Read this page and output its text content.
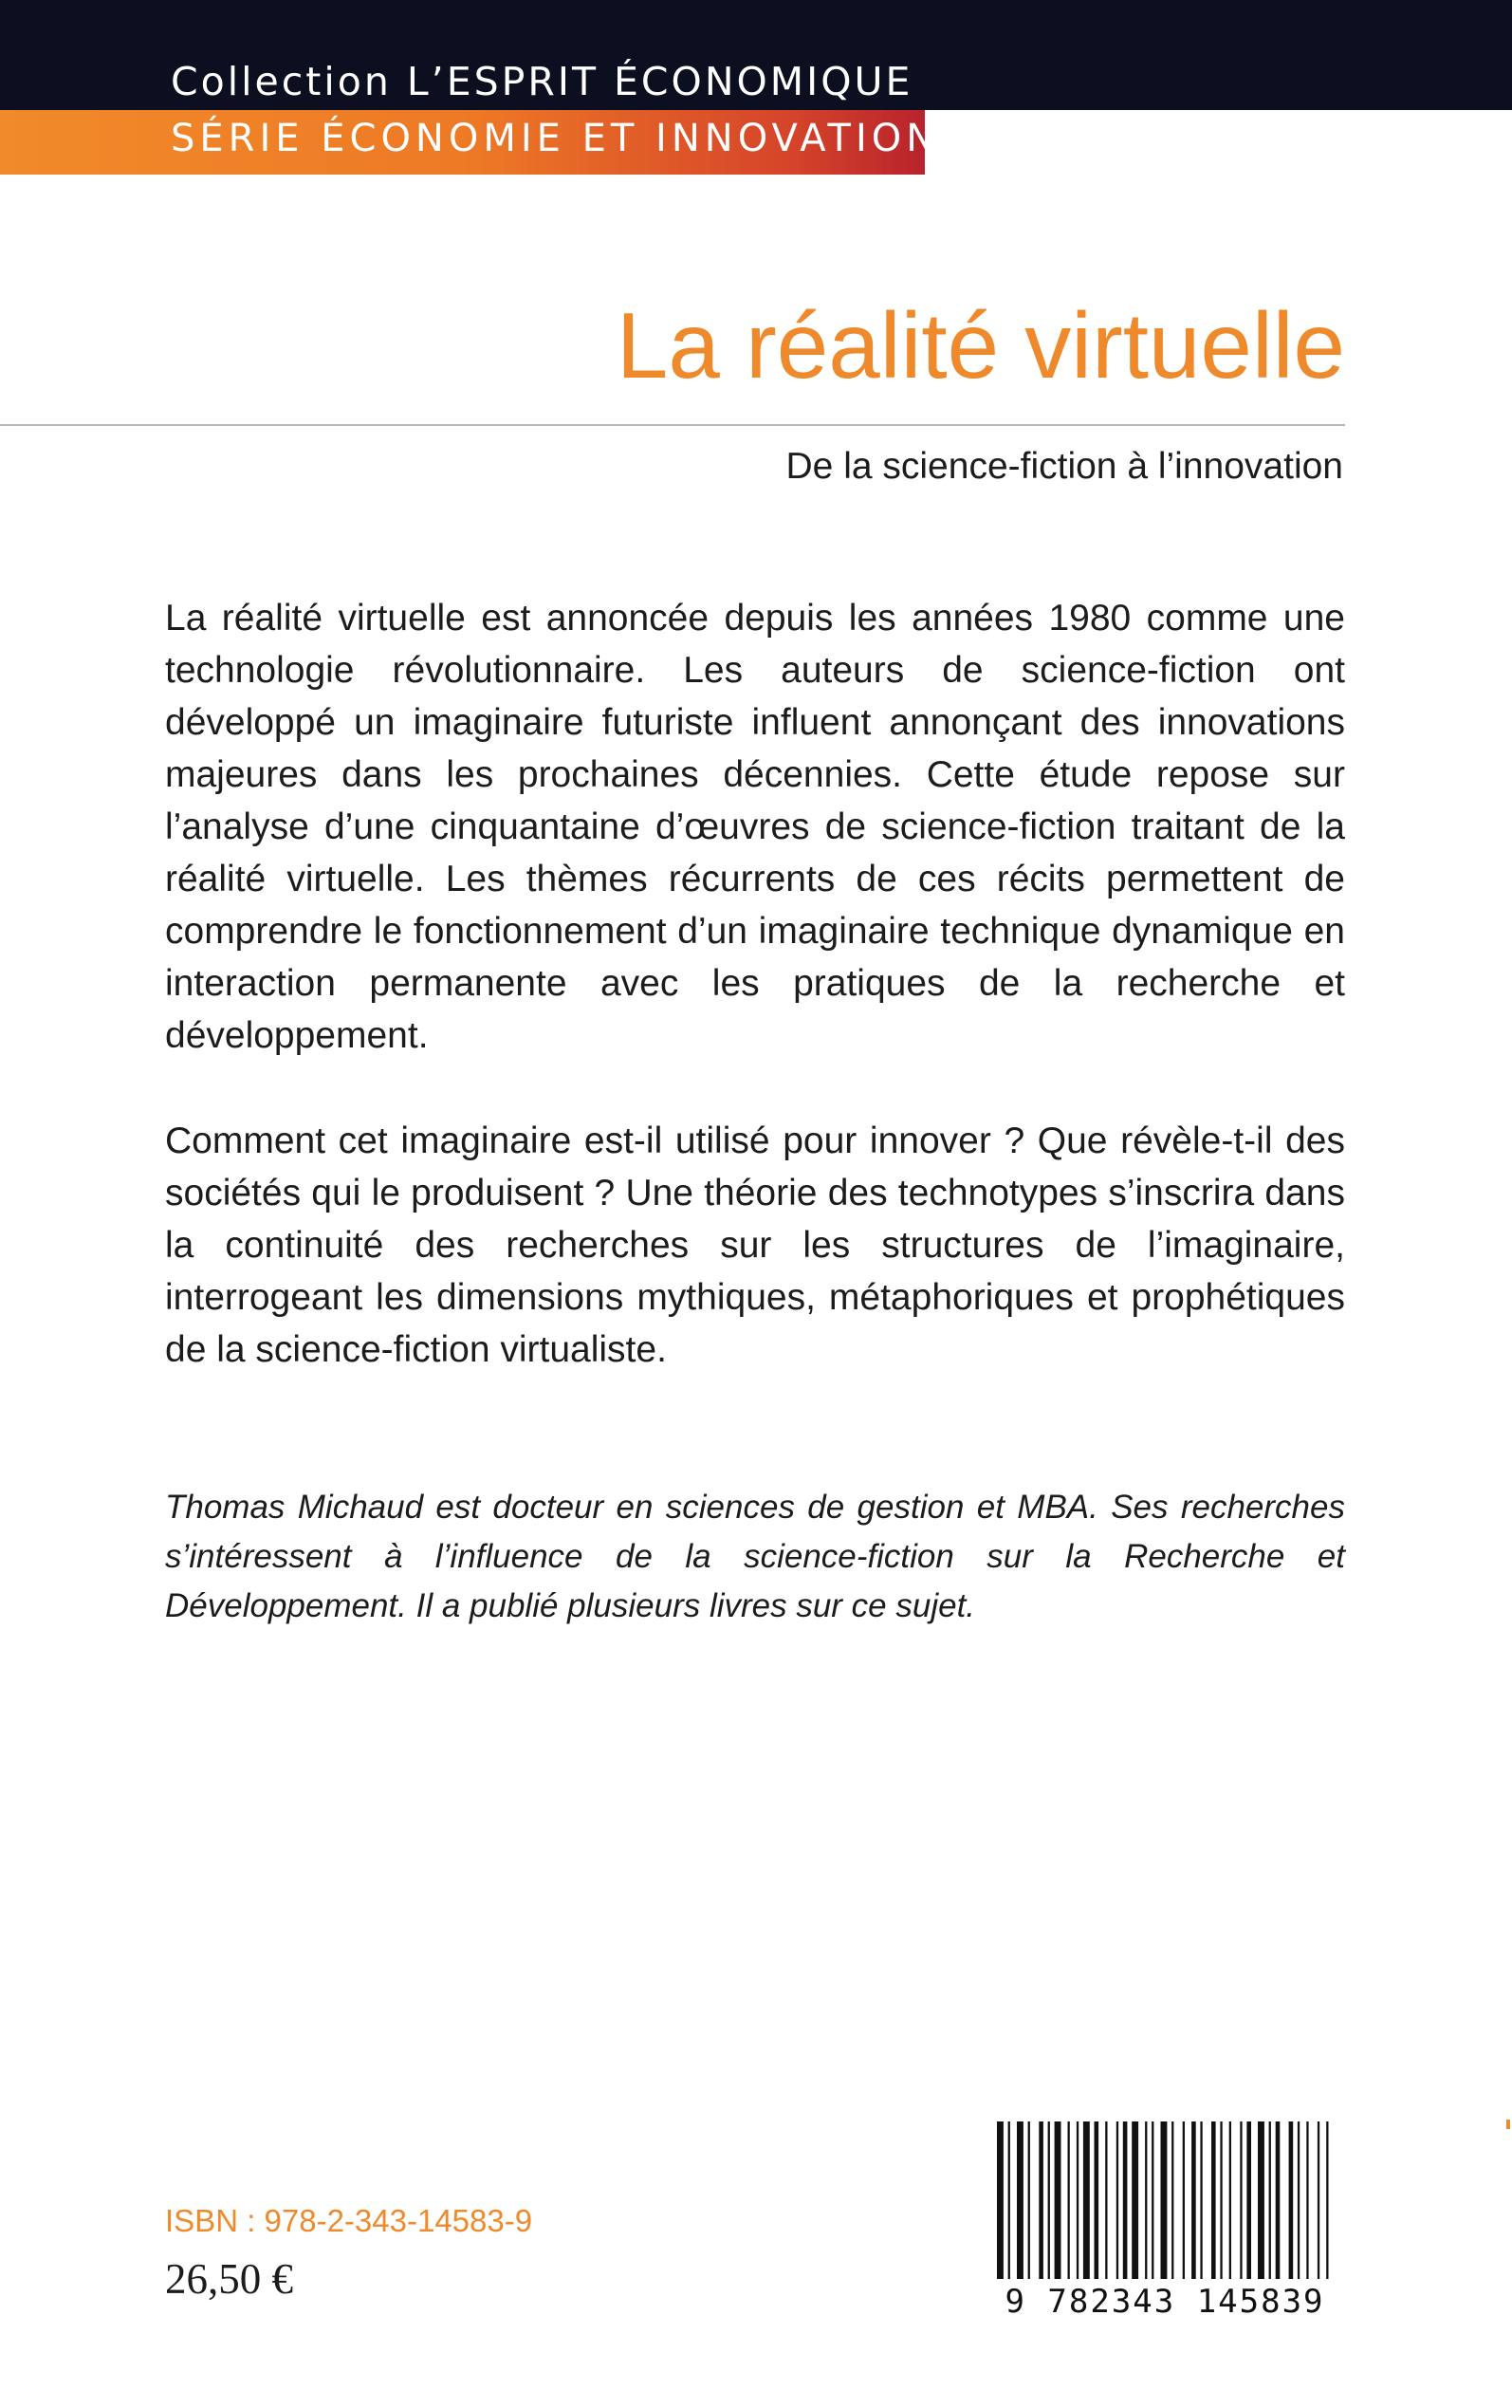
Collection L’ESPRIT ÉCONOMIQUE
SÉRIE ÉCONOMIE ET INNOVATION
La réalité virtuelle
De la science-fiction à l’innovation
La réalité virtuelle est annoncée depuis les années 1980 comme une technologie révolutionnaire. Les auteurs de science-fiction ont développé un imaginaire futuriste influent annonçant des innovations majeures dans les prochaines décennies. Cette étude repose sur l’analyse d’une cinquantaine d’œuvres de science-fiction traitant de la réalité virtuelle. Les thèmes récurrents de ces récits permettent de comprendre le fonctionnement d’un imaginaire technique dynamique en interaction permanente avec les pratiques de la recherche et développement.
Comment cet imaginaire est-il utilisé pour innover ? Que révèle-t-il des sociétés qui le produisent ? Une théorie des technotypes s’inscrira dans la continuité des recherches sur les structures de l’imaginaire, interrogeant les dimensions mythiques, métaphoriques et prophétiques de la science-fiction virtualiste.
Thomas Michaud est docteur en sciences de gestion et MBA. Ses recherches s’intéressent à l’influence de la science-fiction sur la Recherche et Développement. Il a publié plusieurs livres sur ce sujet.
ISBN : 978-2-343-14583-9
26,50 €	9 782343 145839
